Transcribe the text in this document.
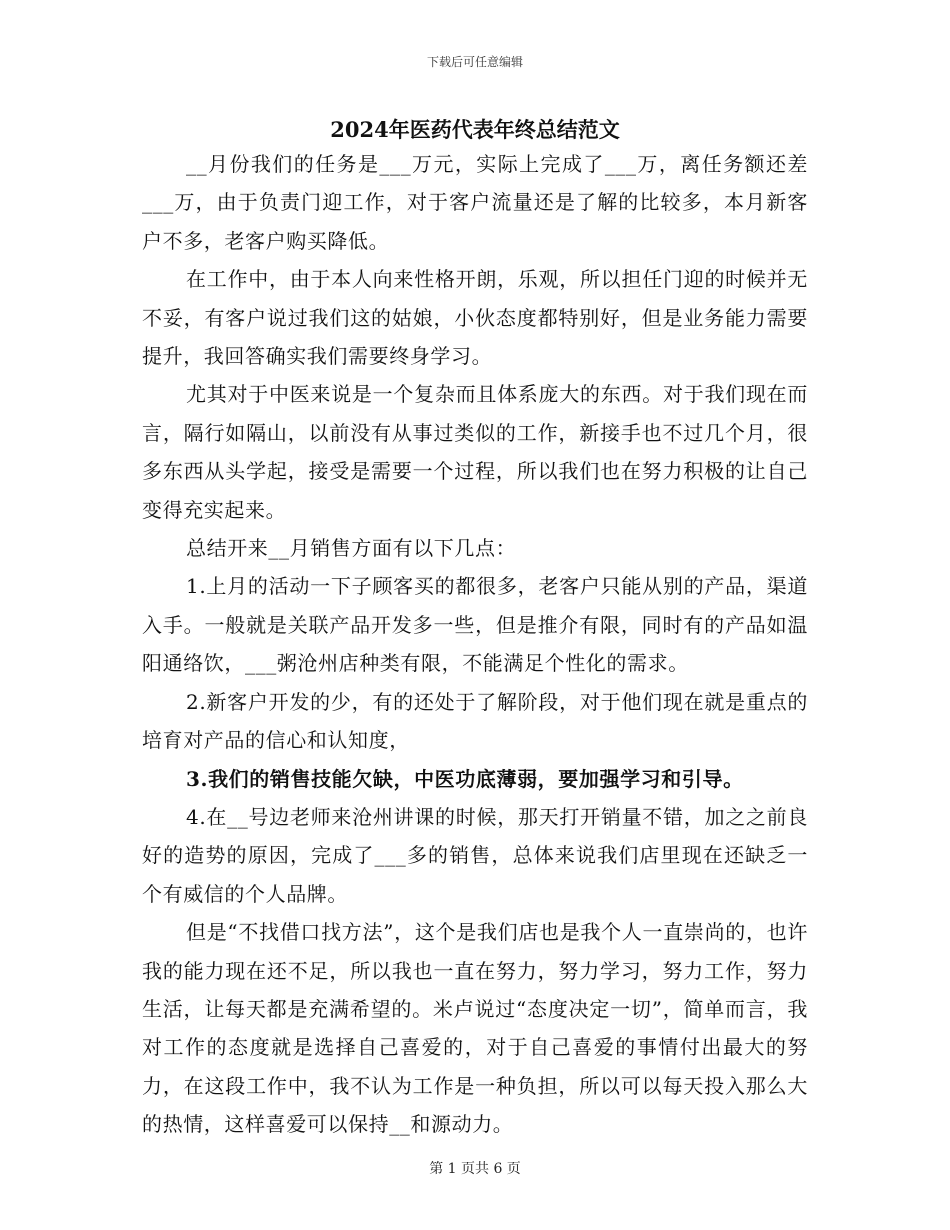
下载后可任意编辑
2024年医药代表年终总结范文

__月份我们的任务是___万元，实际上完成了___万，离任务额还差___万，由于负责门迎工作，对于客户流量还是了解的比较多，本月新客户不多，老客户购买降低。

在工作中，由于本人向来性格开朗，乐观，所以担任门迎的时候并无不妥，有客户说过我们这的姑娘，小伙态度都特别好，但是业务能力需要提升，我回答确实我们需要终身学习。

尤其对于中医来说是一个复杂而且体系庞大的东西。对于我们现在而言，隔行如隔山，以前没有从事过类似的工作，新接手也不过几个月，很多东西从头学起，接受是需要一个过程，所以我们也在努力积极的让自己变得充实起来。

总结开来__月销售方面有以下几点：

1.上月的活动一下子顾客买的都很多，老客户只能从别的产品，渠道入手。一般就是关联产品开发多一些，但是推介有限，同时有的产品如温阳通络饮，___粥沧州店种类有限，不能满足个性化的需求。

2.新客户开发的少，有的还处于了解阶段，对于他们现在就是重点的培育对产品的信心和认知度，

3.我们的销售技能欠缺，中医功底薄弱，要加强学习和引导。

4.在__号边老师来沧州讲课的时候，那天打开销量不错，加之之前良好的造势的原因，完成了___多的销售，总体来说我们店里现在还缺乏一个有威信的个人品牌。

但是“不找借口找方法”，这个是我们店也是我个人一直崇尚的，也许我的能力现在还不足，所以我也一直在努力，努力学习，努力工作，努力生活，让每天都是充满希望的。米卢说过“态度决定一切”，简单而言，我对工作的态度就是选择自己喜爱的，对于自己喜爱的事情付出最大的努力，在这段工作中，我不认为工作是一种负担，所以可以每天投入那么大的热情，这样喜爱可以保持__和源动力。

第 1 页共 6 页
